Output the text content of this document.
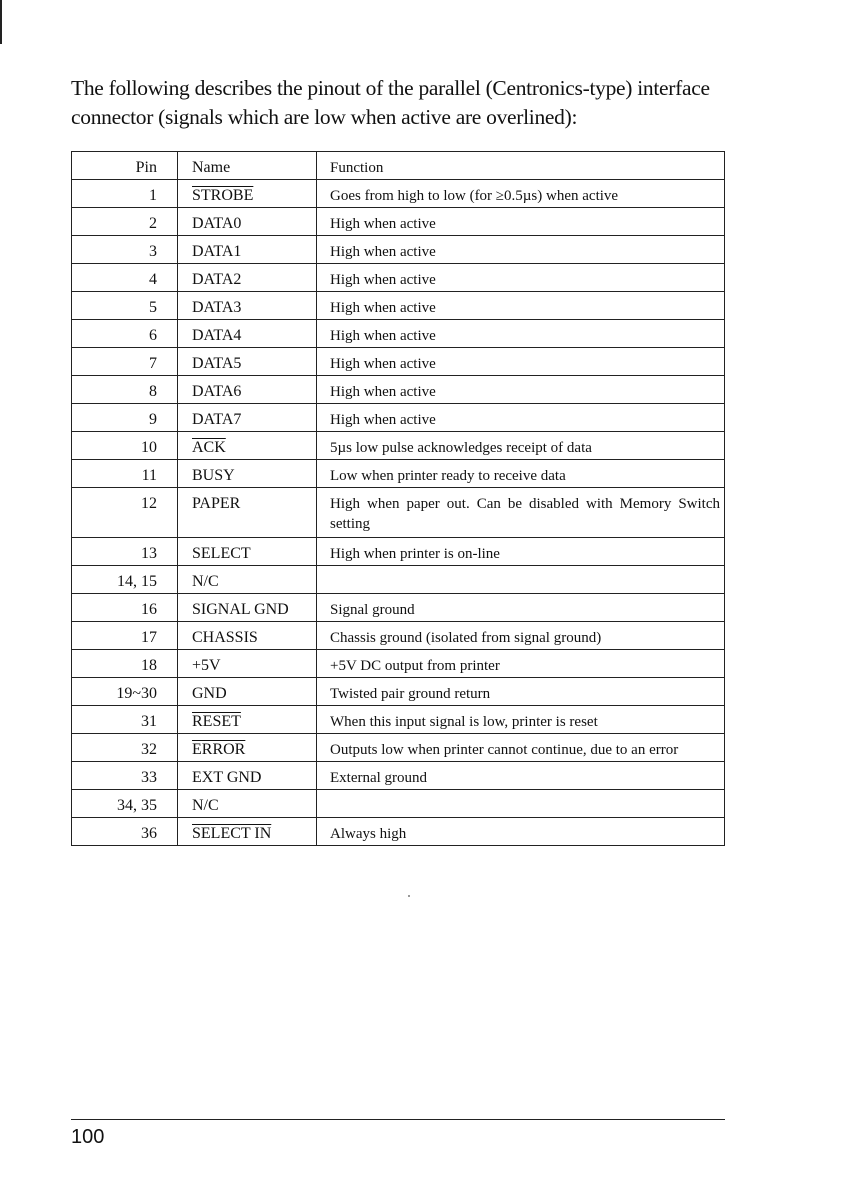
The following describes the pinout of the parallel (Centronics-type) interface connector (signals which are low when active are overlined):

Pin	Name	Function
1	STROBE	Goes from high to low (for ≥0.5µs) when active
2	DATA0	High when active
3	DATA1	High when active
4	DATA2	High when active
5	DATA3	High when active
6	DATA4	High when active
7	DATA5	High when active
8	DATA6	High when active
9	DATA7	High when active
10	$\overline{ACK}$	5µs low pulse acknowledges receipt of data
11	BUSY	Low when printer ready to receive data
12	PAPER	High when paper out. Can be disabled with Memory Switch setting
13	SELECT	High when printer is on-line
14, 15	N/C	
16	SIGNAL GND	Signal ground
17	CHASSIS	Chassis ground (isolated from signal ground)
18	+5V	+5V DC output from printer
19~30	GND	Twisted pair ground return
31	RESET	When this input signal is low, printer is reset
32	ERROR	Outputs low when printer cannot continue, due to an error
33	EXT GND	External ground
34, 35	N/C	
36	SELECT IN	Always high
100
